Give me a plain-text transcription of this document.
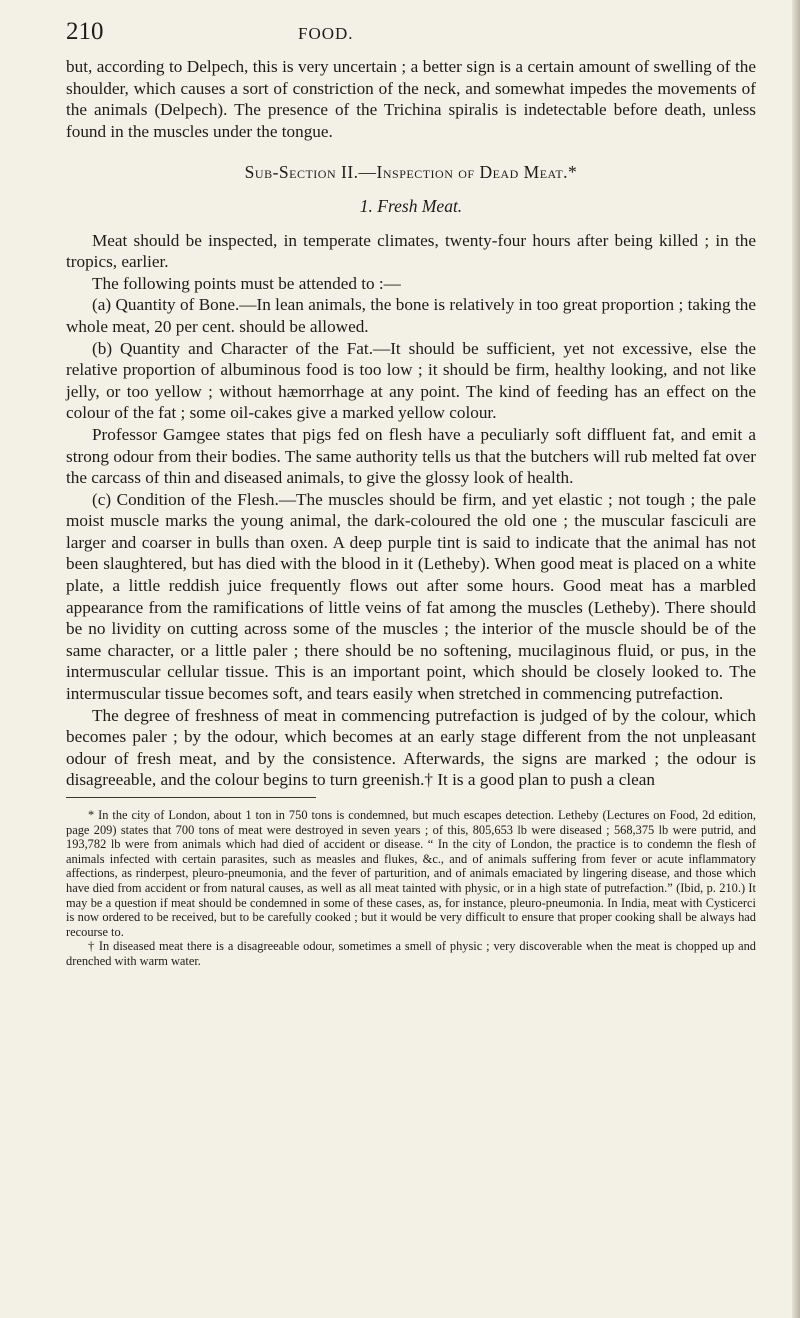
210	FOOD.

but, according to Delpech, this is very uncertain ; a better sign is a certain amount of swelling of the shoulder, which causes a sort of constriction of the neck, and somewhat impedes the movements of the animals (Delpech). The presence of the Trichina spiralis is indetectable before death, unless found in the muscles under the tongue.

Sub-Section II.—Inspection of Dead Meat.*
1. Fresh Meat.

Meat should be inspected, in temperate climates, twenty-four hours after being killed ; in the tropics, earlier.

The following points must be attended to :—

(a) Quantity of Bone.—In lean animals, the bone is relatively in too great proportion ; taking the whole meat, 20 per cent. should be allowed.

(b) Quantity and Character of the Fat.—It should be sufficient, yet not excessive, else the relative proportion of albuminous food is too low ; it should be firm, healthy looking, and not like jelly, or too yellow ; without hæmorrhage at any point. The kind of feeding has an effect on the colour of the fat ; some oil-cakes give a marked yellow colour.

Professor Gamgee states that pigs fed on flesh have a peculiarly soft diffluent fat, and emit a strong odour from their bodies. The same authority tells us that the butchers will rub melted fat over the carcass of thin and diseased animals, to give the glossy look of health.

(c) Condition of the Flesh.—The muscles should be firm, and yet elastic ; not tough ; the pale moist muscle marks the young animal, the dark-coloured the old one ; the muscular fasciculi are larger and coarser in bulls than oxen. A deep purple tint is said to indicate that the animal has not been slaughtered, but has died with the blood in it (Letheby). When good meat is placed on a white plate, a little reddish juice frequently flows out after some hours. Good meat has a marbled appearance from the ramifications of little veins of fat among the muscles (Letheby). There should be no lividity on cutting across some of the muscles ; the interior of the muscle should be of the same character, or a little paler ; there should be no softening, mucilaginous fluid, or pus, in the intermuscular cellular tissue. This is an important point, which should be closely looked to. The intermuscular tissue becomes soft, and tears easily when stretched in commencing putrefaction.

The degree of freshness of meat in commencing putrefaction is judged of by the colour, which becomes paler ; by the odour, which becomes at an early stage different from the not unpleasant odour of fresh meat, and by the consistence. Afterwards, the signs are marked ; the odour is disagreeable, and the colour begins to turn greenish.† It is a good plan to push a clean

* In the city of London, about 1 ton in 750 tons is condemned, but much escapes detection. Letheby (Lectures on Food, 2d edition, page 209) states that 700 tons of meat were destroyed in seven years ; of this, 805,653 lb were diseased ; 568,375 lb were putrid, and 193,782 lb were from animals which had died of accident or disease. “ In the city of London, the practice is to condemn the flesh of animals infected with certain parasites, such as measles and flukes, &c., and of animals suffering from fever or acute inflammatory affections, as rinderpest, pleuro-pneumonia, and the fever of parturition, and of animals emaciated by lingering disease, and those which have died from accident or from natural causes, as well as all meat tainted with physic, or in a high state of putrefaction.” (Ibid, p. 210.) It may be a question if meat should be condemned in some of these cases, as, for instance, pleuro-pneumonia. In India, meat with Cysticerci is now ordered to be received, but to be carefully cooked ; but it would be very difficult to ensure that proper cooking shall be always had recourse to.

† In diseased meat there is a disagreeable odour, sometimes a smell of physic ; very discoverable when the meat is chopped up and drenched with warm water.
